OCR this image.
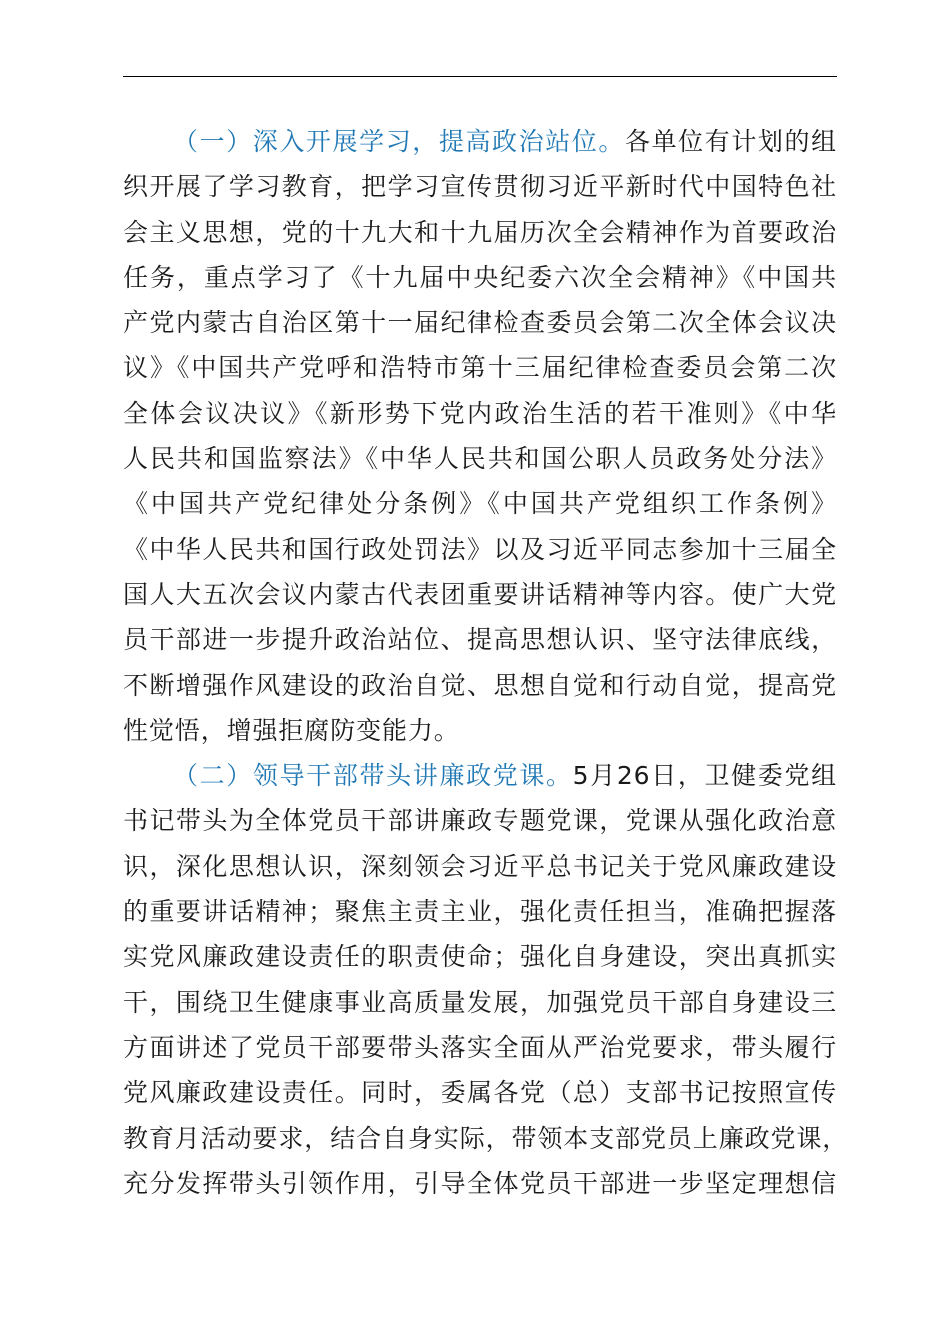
（一）深入开展学习，提高政治站位。各单位有计划的组
织开展了学习教育，把学习宣传贯彻习近平新时代中国特色社
会主义思想，党的十九大和十九届历次全会精神作为首要政治
任务，重点学习了《十九届中央纪委六次全会精神》《中国共
产党内蒙古自治区第十一届纪律检查委员会第二次全体会议决
议》《中国共产党呼和浩特市第十三届纪律检查委员会第二次
全体会议决议》《新形势下党内政治生活的若干准则》《中华
人民共和国监察法》《中华人民共和国公职人员政务处分法》
《中国共产党纪律处分条例》《中国共产党组织工作条例》
《中华人民共和国行政处罚法》以及习近平同志参加十三届全
国人大五次会议内蒙古代表团重要讲话精神等内容。使广大党
员干部进一步提升政治站位、提高思想认识、坚守法律底线，
不断增强作风建设的政治自觉、思想自觉和行动自觉，提高党
性觉悟，增强拒腐防变能力。
（二）领导干部带头讲廉政党课。5月26日，卫健委党组
书记带头为全体党员干部讲廉政专题党课，党课从强化政治意
识，深化思想认识，深刻领会习近平总书记关于党风廉政建设
的重要讲话精神；聚焦主责主业，强化责任担当，准确把握落
实党风廉政建设责任的职责使命；强化自身建设，突出真抓实
干，围绕卫生健康事业高质量发展，加强党员干部自身建设三
方面讲述了党员干部要带头落实全面从严治党要求，带头履行
党风廉政建设责任。同时，委属各党（总）支部书记按照宣传
教育月活动要求，结合自身实际，带领本支部党员上廉政党课，
充分发挥带头引领作用，引导全体党员干部进一步坚定理想信
